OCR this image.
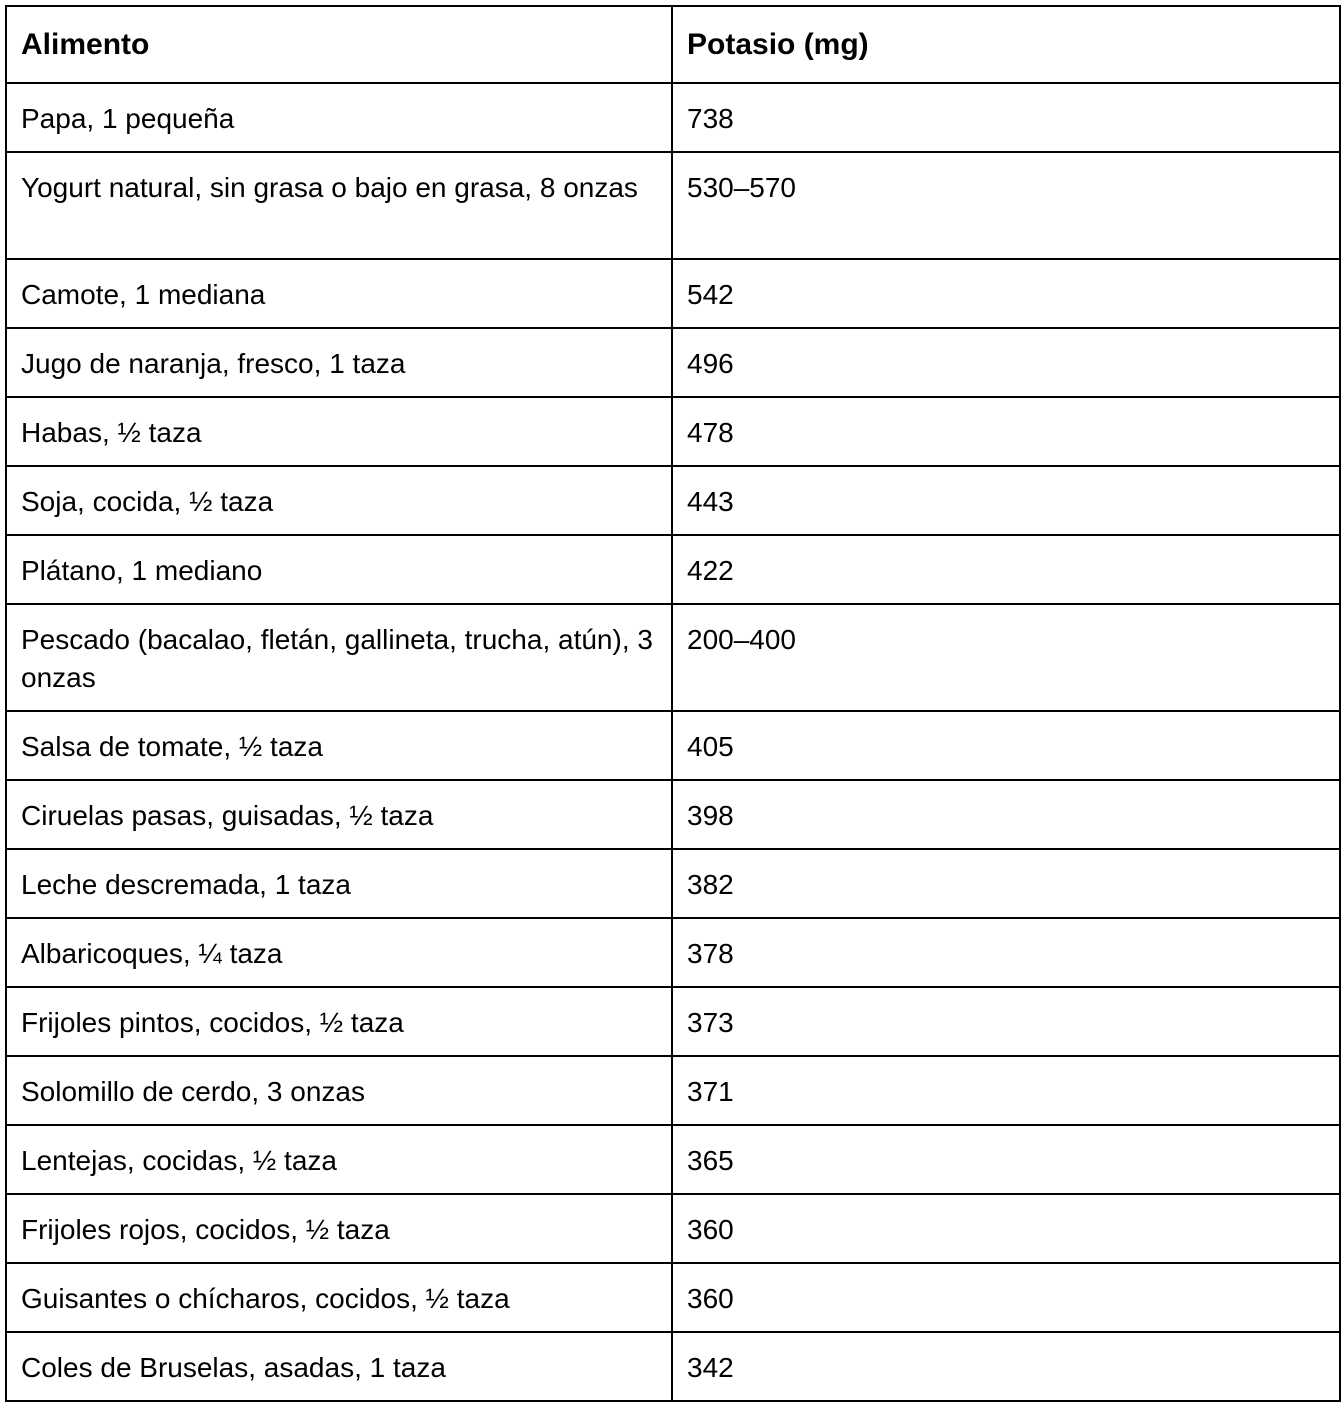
Alimento	Potasio (mg)
Papa, 1 pequeña	738
Yogurt natural, sin grasa o bajo en grasa, 8 onzas	530–570
Camote, 1 mediana	542
Jugo de naranja, fresco, 1 taza	496
Habas, ½ taza	478
Soja, cocida, ½ taza	443
Plátano, 1 mediano	422
Pescado (bacalao, fletán, gallineta, trucha, atún), 3 onzas	200–400
Salsa de tomate, ½ taza	405
Ciruelas pasas, guisadas, ½ taza	398
Leche descremada, 1 taza	382
Albaricoques, ¼ taza	378
Frijoles pintos, cocidos, ½ taza	373
Solomillo de cerdo, 3 onzas	371
Lentejas, cocidas, ½ taza	365
Frijoles rojos, cocidos, ½ taza	360
Guisantes o chícharos, cocidos, ½ taza	360
Coles de Bruselas, asadas, 1 taza	342
